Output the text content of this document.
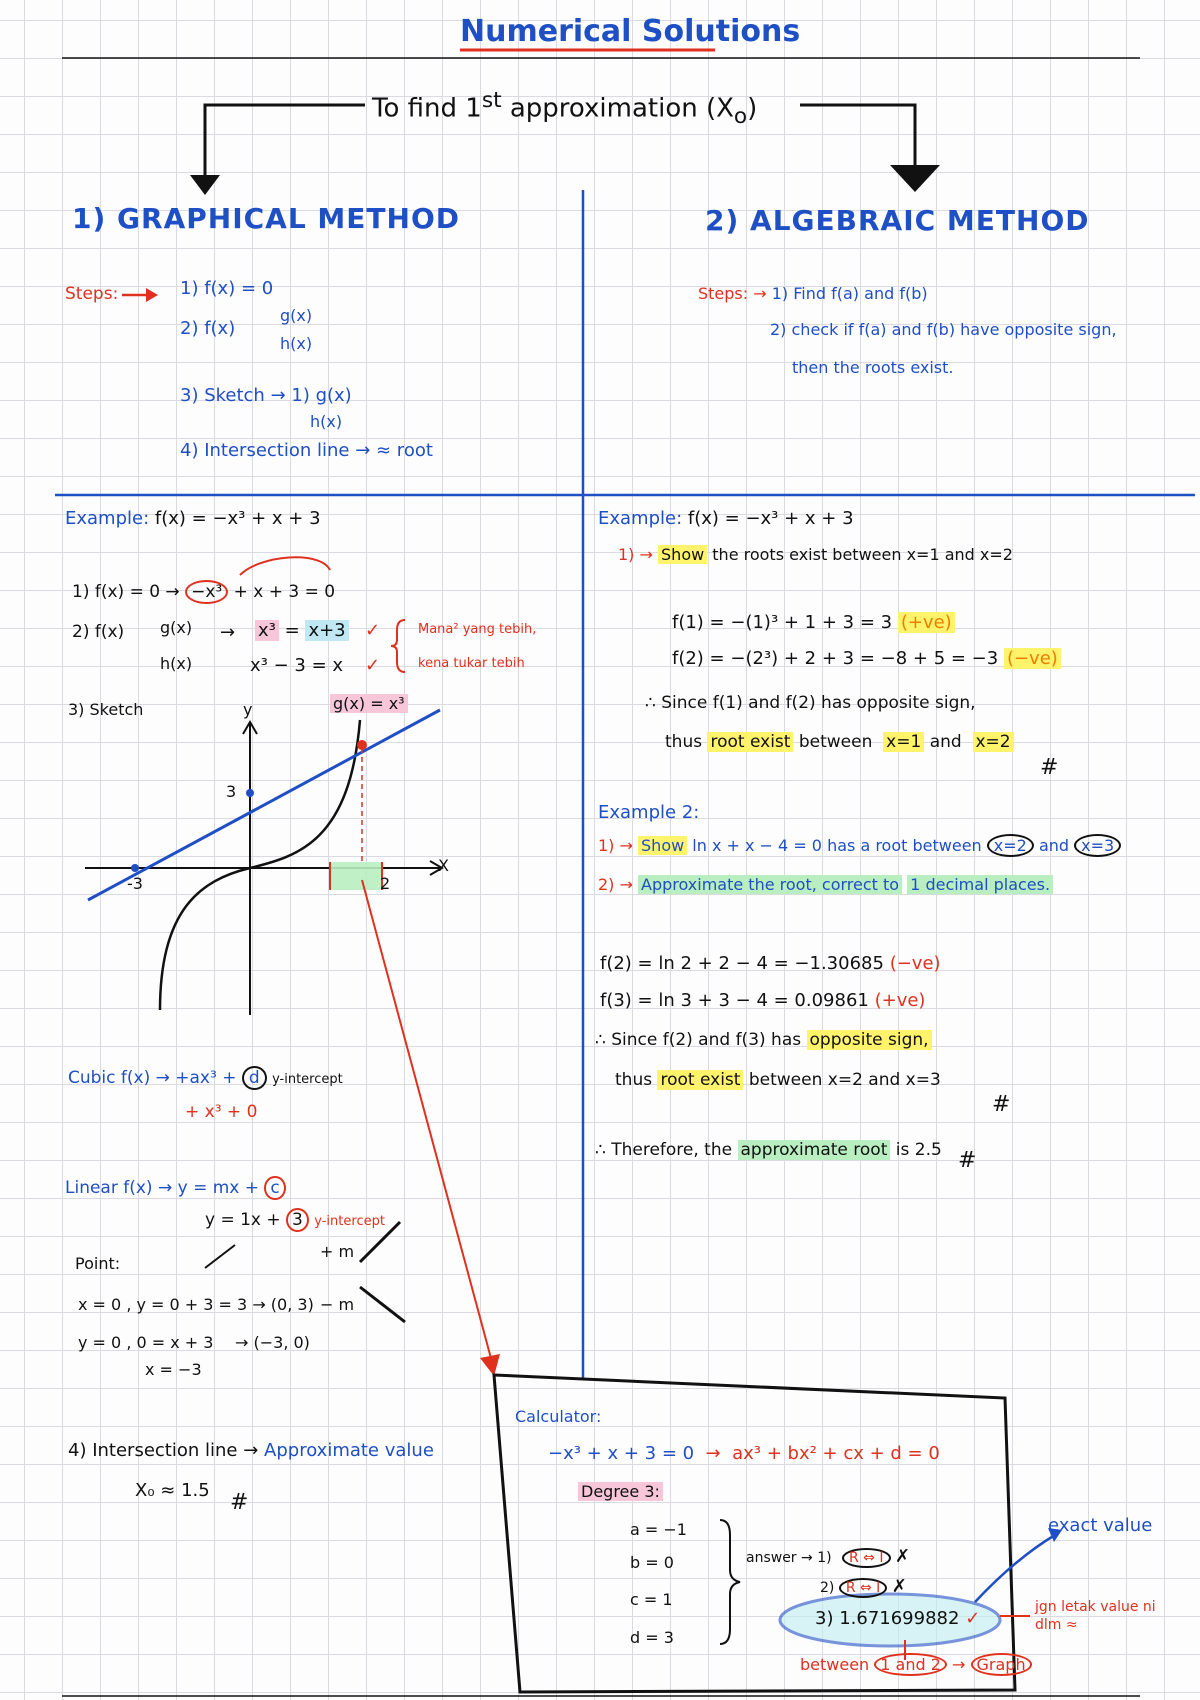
Numerical Solutions
To find 1st approximation $(X_o)$
1) GRAPHICAL METHOD
Steps:	1) f(x) = 0
2) f(x)
g(x)
h(x)
3) Sketch → 1) g(x)
h(x)
4) Intersection line → ≈ root
Example: f(x) = −x³ + x + 3
1) f(x) = 0 → −x³ + x + 3 = 0
2) f(x) g(x)
h(x)
→ x³ = x+3
x³ − 3 = x
✓
✓
Mana² yang tebih,
kena tukar tebih
3) Sketch	g(x) = x³
y
X
3
-3	2
Cubic f(x) → +ax³ + d y-intercept
+ x³ + 0
Linear f(x) → y = mx + c
y = 1x + 3 y-intercept
Point:
+ m
− m
x = 0 , y = 0 + 3 = 3 → (0, 3)
y = 0 , 0 = x + 3
x = −3
→ (−3, 0)
4) Intersection line → Approximate value
X₀ ≈ 1.5 #
2) ALGEBRAIC METHOD
Steps: → 1) Find f(a) and f(b)
2) check if f(a) and f(b) have opposite sign,
then the roots exist.
Example: f(x) = −x³ + x + 3
1) → Show the roots exist between x=1 and x=2
f(1) = −(1)³ + 1 + 3 = 3 (+ve)
f(2) = −(2³) + 2 + 3 = −8 + 5 = −3 (−ve)
∴ Since f(1) and f(2) has opposite sign,
thus root exist between x=1 and x=2
#
Example 2:
1) → Show ln x + x − 4 = 0 has a root between x=2 and x=3
2) → Approximate the root, correct to 1 decimal places.
f(2) = ln 2 + 2 − 4 = −1.30685 (−ve)
f(3) = ln 3 + 3 − 4 = 0.09861 (+ve)
∴ Since f(2) and f(3) has opposite sign,
thus root exist between x=2 and x=3
#
∴ Therefore, the approximate root is 2.5 #
Calculator:
−x³ + x + 3 = 0  →  ax³ + bx² + cx + d = 0
Degree 3:
a = −1
b = 0
c = 1
d = 3
answer → 1)	R ⇔ I ✗
2) R ⇔ I ✗
3) 1.671699882 ✓
exact value
jgn letak value ni dlm ≈
between 1 and 2 → Graph
